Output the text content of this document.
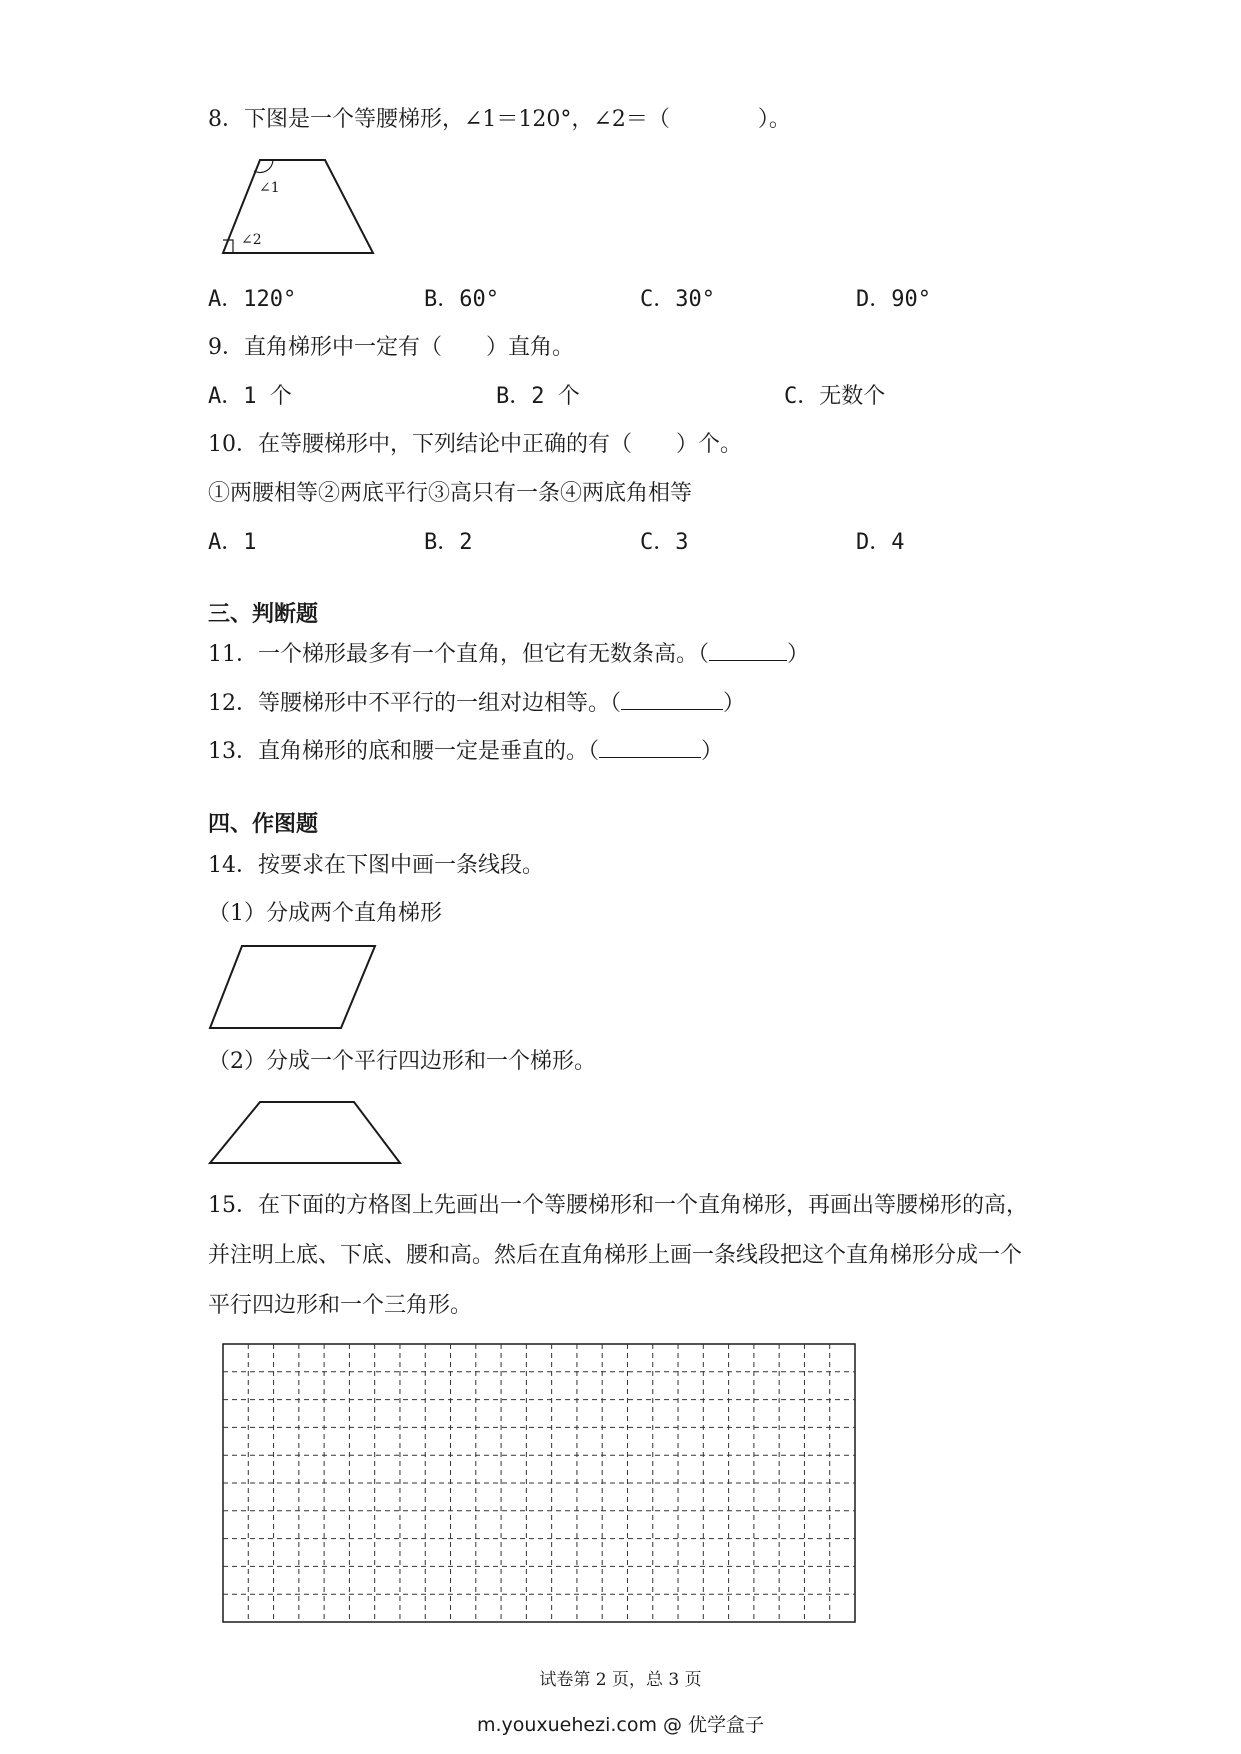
8．下图是一个等腰梯形，∠1＝120°，∠2＝（　　　　）。
∠1
∠2
A．120°	B．60°	C．30°	D．90°
9．直角梯形中一定有（　　）直角。
A．1 个	B．2 个	C．无数个
10．在等腰梯形中，下列结论中正确的有（　　）个。
①两腰相等②两底平行③高只有一条④两底角相等
A．1	B．2	C．3	D．4
三、判断题
11．一个梯形最多有一个直角，但它有无数条高。（	）
12．等腰梯形中不平行的一组对边相等。（	）
13．直角梯形的底和腰一定是垂直的。（	）
四、作图题
14．按要求在下图中画一条线段。
（1）分成两个直角梯形
（2）分成一个平行四边形和一个梯形。
15．在下面的方格图上先画出一个等腰梯形和一个直角梯形，再画出等腰梯形的高，并注明上底、下底、腰和高。然后在直角梯形上画一条线段把这个直角梯形分成一个平行四边形和一个三角形。
试卷第 2 页，总 3 页
m.youxuehezi.com @ 优学盒子
